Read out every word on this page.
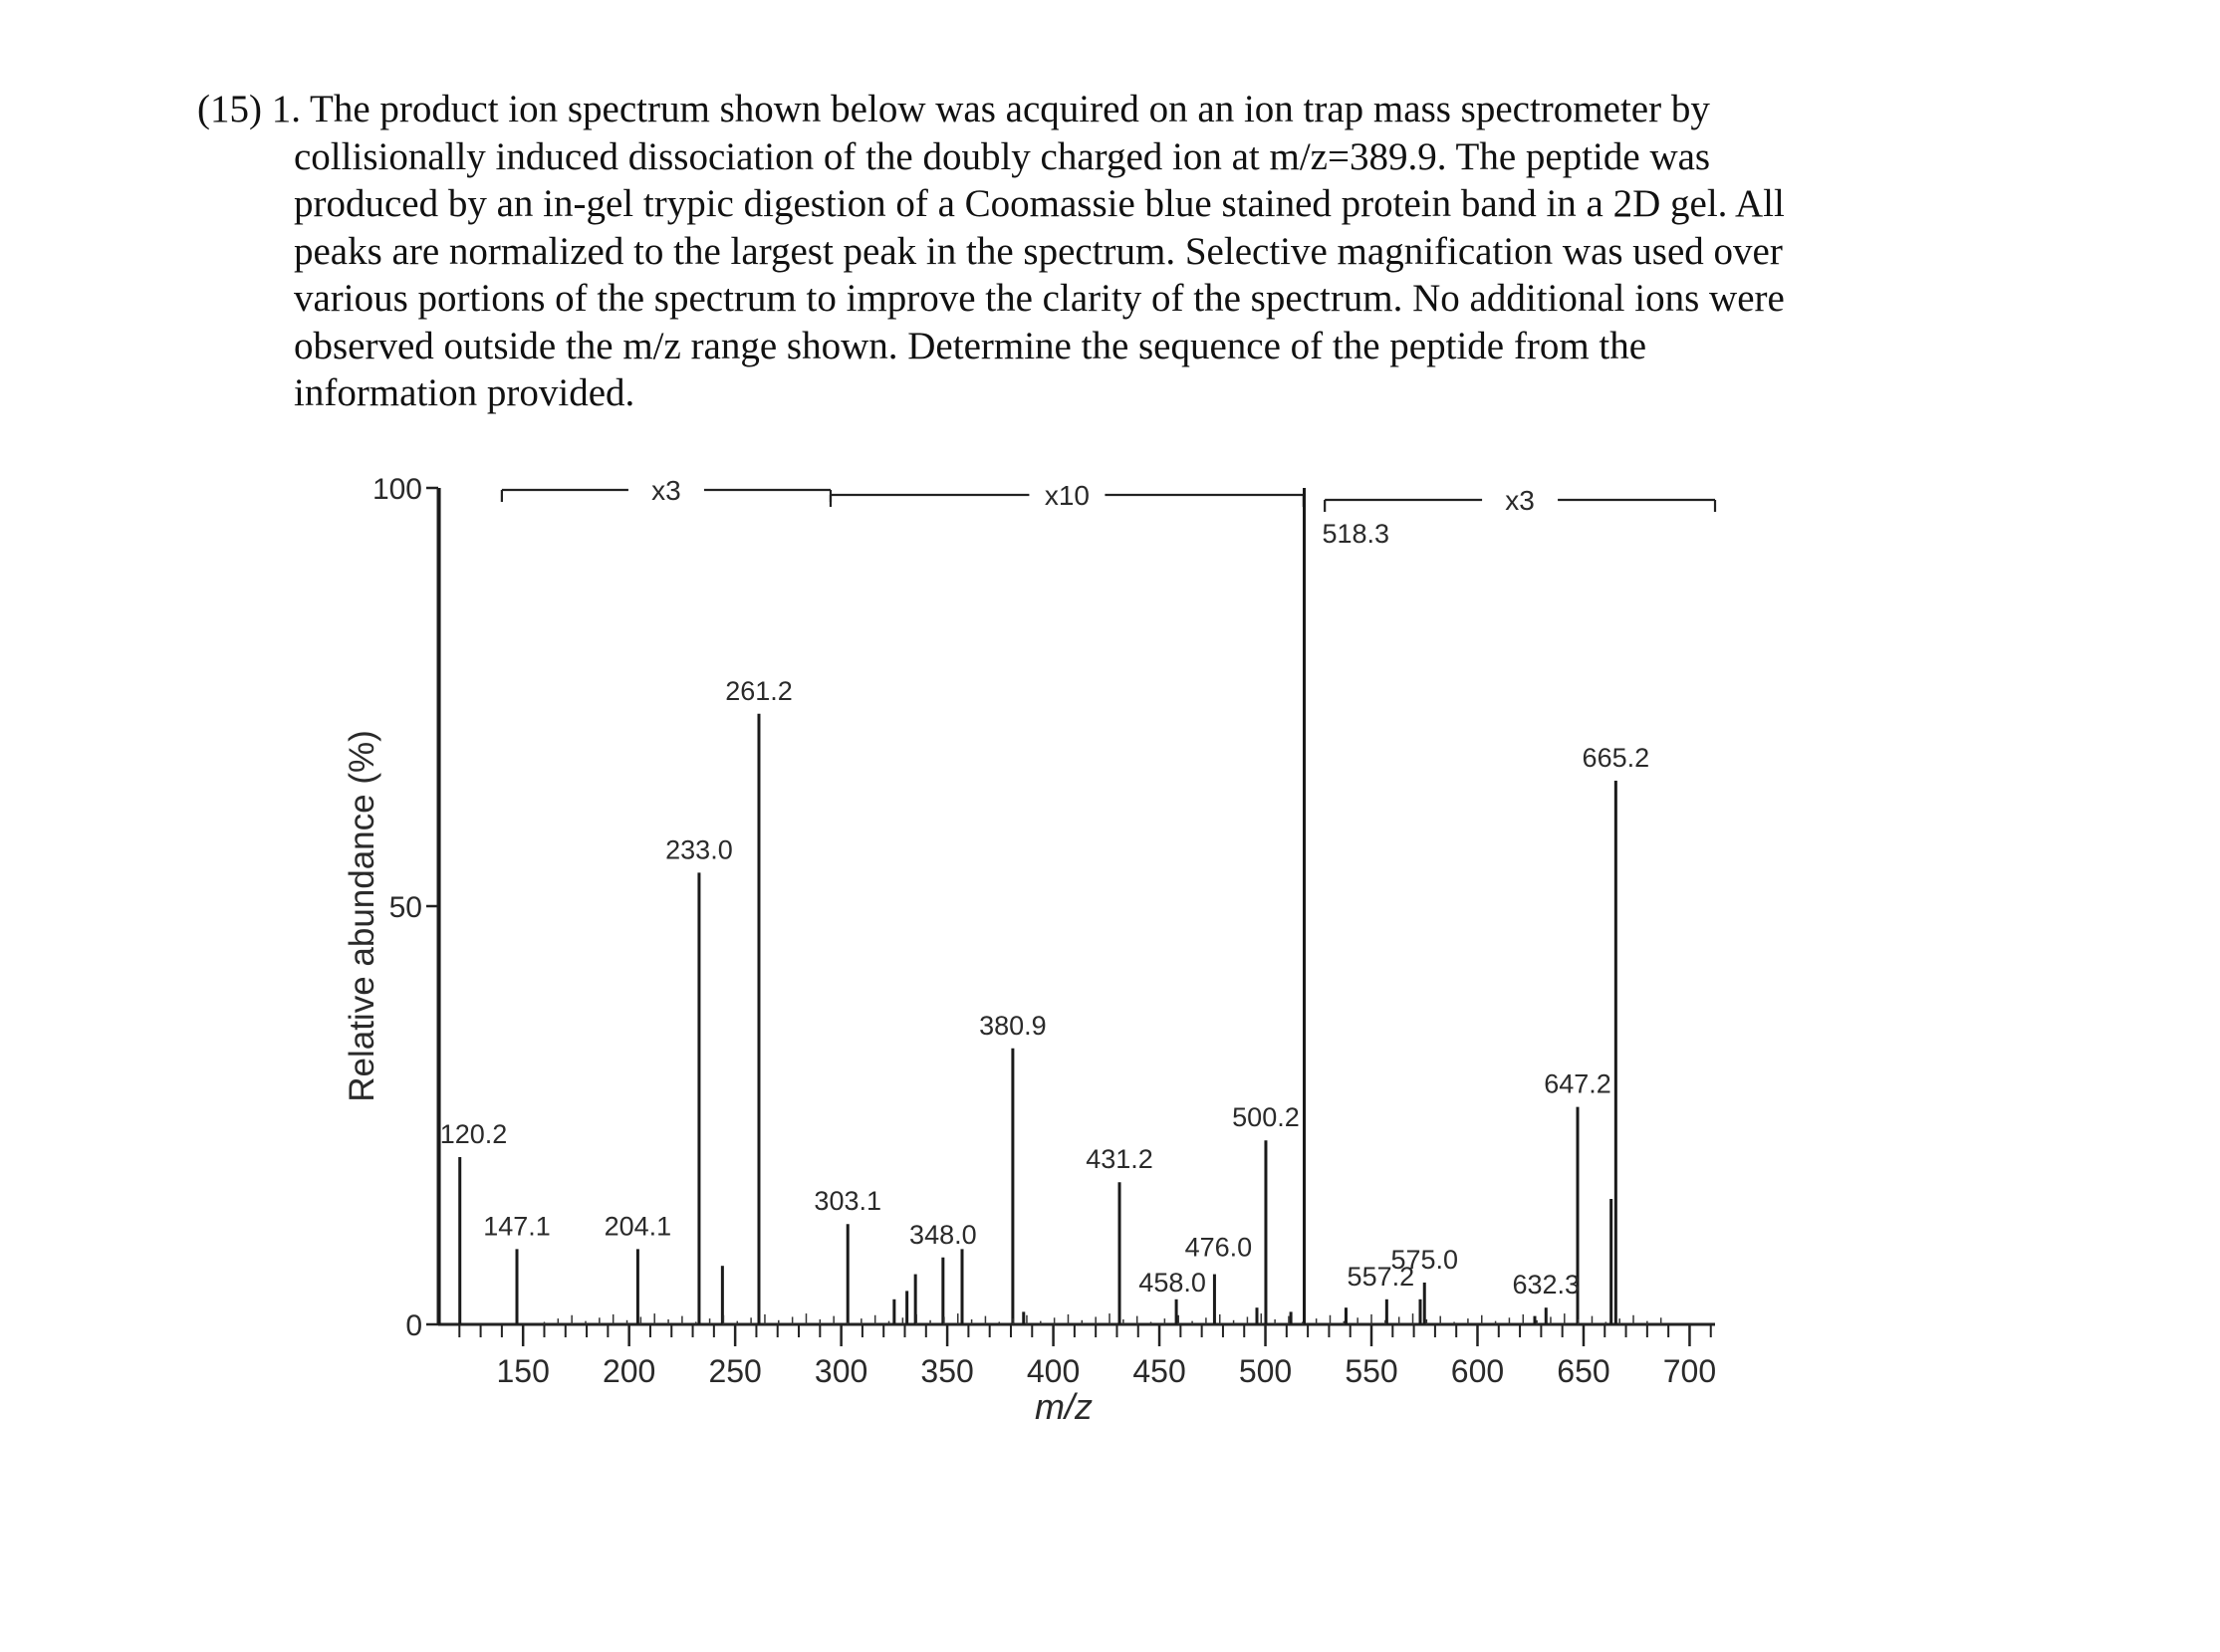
(15) 1. The product ion spectrum shown below was acquired on an ion trap mass spectrometer by
collisionally induced dissociation of the doubly charged ion at m/z=389.9. The peptide was
produced by an in-gel trypic digestion of a Coomassie blue stained protein band in a 2D gel. All
peaks are normalized to the largest peak in the spectrum. Selective magnification was used over
various portions of the spectrum to improve the clarity of the spectrum. No additional ions were
observed outside the m/z range shown. Determine the sequence of the peptide from the
information provided.
x3	x10	x3
0
50
100
150 200 250 300 350 400 450 500 550 600 650 700
120.2
147.1 204.1
233.0
261.2
303.1
348.0
380.9
431.2
458.0
476.0
500.2
518.3
557.2
575.0
632.3
647.2
665.2
m/z
Relative abundance (%)
